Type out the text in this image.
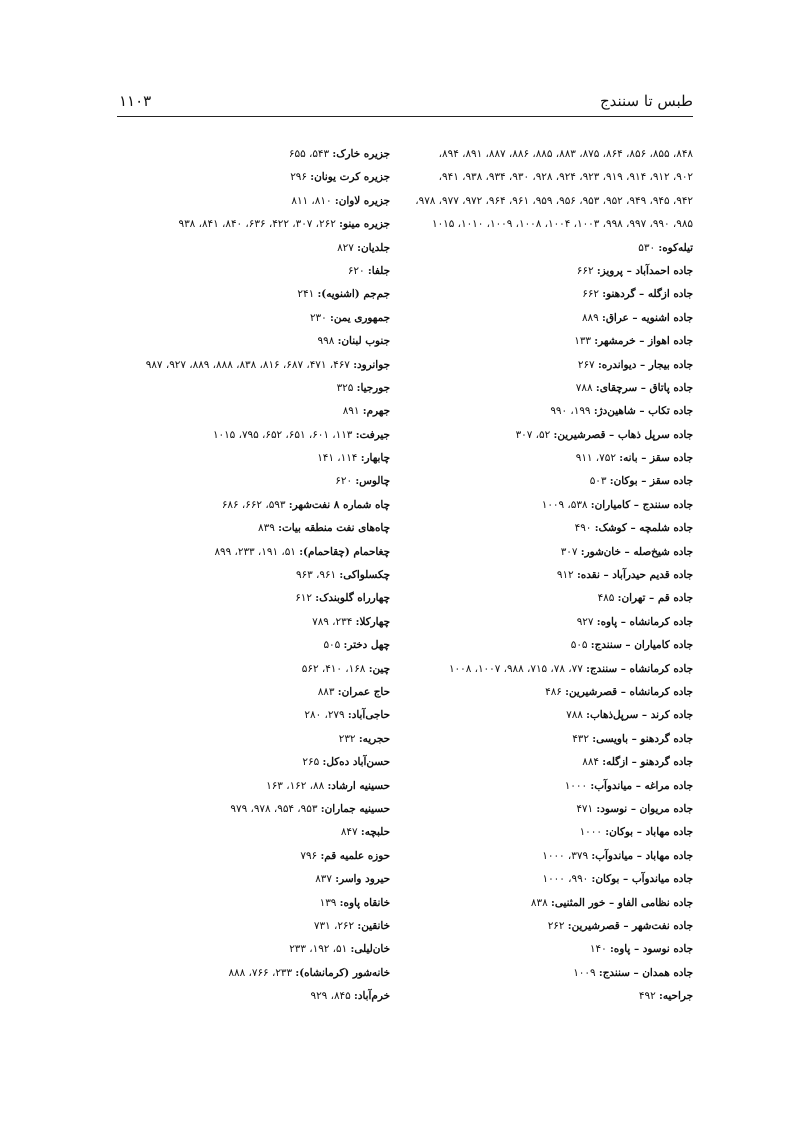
طبس تا سنندج
۱۱۰۳
۸۴۸، ۸۵۵، ۸۵۶، ۸۶۴، ۸۷۵، ۸۸۳، ۸۸۵، ۸۸۶، ۸۸۷، ۸۹۱، ۸۹۴،
۹۰۲، ۹۱۲، ۹۱۴، ۹۱۹، ۹۲۳، ۹۲۴، ۹۲۸، ۹۳۰، ۹۳۴، ۹۳۸، ۹۴۱،
۹۴۲، ۹۴۵، ۹۴۹، ۹۵۲، ۹۵۳، ۹۵۶، ۹۵۹، ۹۶۱، ۹۶۴، ۹۷۲، ۹۷۷، ۹۷۸،
۹۸۵، ۹۹۰، ۹۹۷، ۹۹۸، ۱۰۰۳، ۱۰۰۴، ۱۰۰۸، ۱۰۰۹، ۱۰۱۰، ۱۰۱۵
تیله‌کوه: ۵۳۰
جاده احمدآباد – پرویز: ۶۶۲
جاده ازگله – گردهنو: ۶۶۲
جاده اشنویه – عراق: ۸۸۹
جاده اهواز – خرمشهر: ۱۳۳
جاده بیجار – دیواندره: ۲۶۷
جاده پاتاق – سرچقای: ۷۸۸
جاده تکاب – شاهین‌دژ: ۱۹۹، ۹۹۰
جاده سرپل ذهاب – قصرشیرین: ۵۲، ۳۰۷
جاده سقز – بانه: ۷۵۲، ۹۱۱
جاده سقز – بوکان: ۵۰۳
جاده سنندج – کامیاران: ۵۳۸، ۱۰۰۹
جاده شلمچه – کوشک: ۴۹۰
جاده شیخ‌صله – خان‌شور: ۳۰۷
جاده قدیم حیدرآباد – نقده: ۹۱۲
جاده قم – تهران: ۴۸۵
جاده کرمانشاه – پاوه: ۹۲۷
جاده کامیاران – سنندج: ۵۰۵
جاده کرمانشاه – سنندج: ۷۷، ۷۸، ۷۱۵، ۹۸۸، ۱۰۰۷، ۱۰۰۸
جاده کرمانشاه – قصرشیرین: ۴۸۶
جاده کرند – سرپل‌ذهاب: ۷۸۸
جاده گردهنو – باویسی: ۴۳۲
جاده گردهنو – ازگله: ۸۸۴
جاده مراغه – میاندوآب: ۱۰۰۰
جاده مریوان – نوسود: ۴۷۱
جاده مهاباد – بوکان: ۱۰۰۰
جاده مهاباد – میاندوآب: ۳۷۹، ۱۰۰۰
جاده میاندوآب – بوکان: ۹۹۰، ۱۰۰۰
جاده نظامی الفاو – خور المثنیی: ۸۳۸
جاده نفت‌شهر – قصرشیرین: ۲۶۲
جاده نوسود – پاوه: ۱۴۰
جاده همدان – سنندج: ۱۰۰۹
جراحیه: ۴۹۲
جزیره خارک: ۵۴۳، ۶۵۵
جزیره کرت یونان: ۲۹۶
جزیره لاوان: ۸۱۰، ۸۱۱
جزیره مینو: ۲۶۲، ۳۰۷، ۴۲۲، ۶۳۶، ۸۴۰، ۸۴۱، ۹۳۸
جلدیان: ۸۲۷
جلفا: ۶۲۰
جم‌جم (اشنویه): ۲۴۱
جمهوری یمن: ۲۳۰
جنوب لبنان: ۹۹۸
جوانرود: ۴۶۷، ۴۷۱، ۶۸۷، ۸۱۶، ۸۳۸، ۸۸۸، ۸۸۹، ۹۲۷، ۹۸۷
جورجیا: ۳۲۵
جهرم: ۸۹۱
جیرفت: ۱۱۳، ۶۰۱، ۶۵۱، ۶۵۲، ۷۹۵، ۱۰۱۵
چابهار: ۱۱۴، ۱۴۱
چالوس: ۶۲۰
چاه شماره ۸ نفت‌شهر: ۵۹۳، ۶۶۲، ۶۸۶
چاه‌های نفت منطقه بیات: ۸۳۹
چغاحمام (چقاحمام): ۵۱، ۱۹۱، ۲۳۳، ۸۹۹
چکسلواکی: ۹۶۱، ۹۶۳
چهارراه گلوبندک: ۶۱۲
چهارکلا: ۲۳۴، ۷۸۹
چهل دختر: ۵۰۵
چین: ۱۶۸، ۴۱۰، ۵۶۲
حاج عمران: ۸۸۳
حاجی‌آباد: ۲۷۹، ۲۸۰
حجریه: ۲۳۲
حسن‌آباد ده‌کل: ۲۶۵
حسینیه ارشاد: ۸۸، ۱۶۲، ۱۶۳
حسینیه جماران: ۹۵۳، ۹۵۴، ۹۷۸، ۹۷۹
حلبچه: ۸۴۷
حوزه علمیه قم: ۷۹۶
حیرود واسر: ۸۳۷
خانقاه پاوه: ۱۳۹
خانقین: ۲۶۲، ۷۳۱
خان‌لیلی: ۵۱، ۱۹۲، ۲۳۳
خانه‌شور (کرمانشاه): ۲۳۳، ۷۶۶، ۸۸۸
خرم‌آباد: ۸۴۵، ۹۲۹
